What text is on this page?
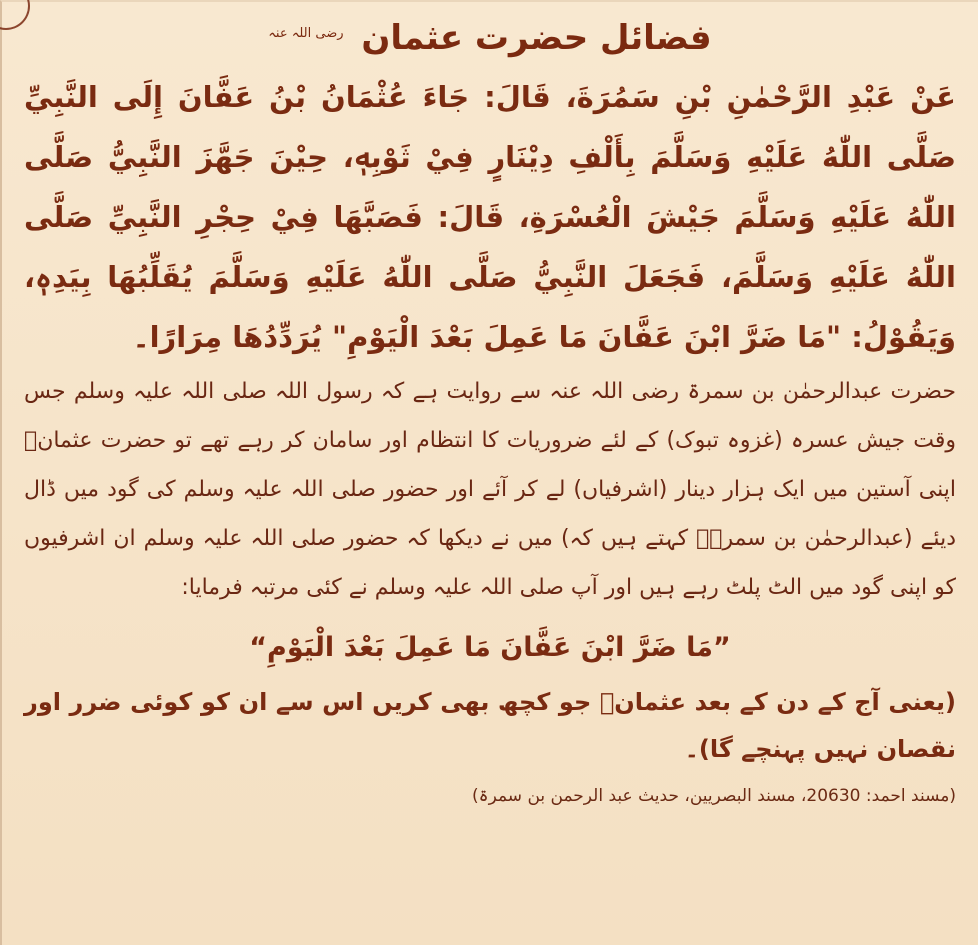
فضائل حضرت عثمان $^{رضی اللہ عنہ}$

عَنْ عَبْدِ الرَّحْمٰنِ بْنِ سَمُرَةَ، قَالَ: جَاءَ عُثْمَانُ بْنُ عَفَّانَ إِلَى النَّبِيِّ صَلَّى اللّٰهُ عَلَيْهِ وَسَلَّمَ بِأَلْفِ دِيْنَارٍ فِيْ ثَوْبِهٖ، حِيْنَ جَهَّزَ النَّبِيُّ صَلَّى اللّٰهُ عَلَيْهِ وَسَلَّمَ جَيْشَ الْعُسْرَةِ، قَالَ: فَصَبَّهَا فِيْ حِجْرِ النَّبِيِّ صَلَّى اللّٰهُ عَلَيْهِ وَسَلَّمَ، فَجَعَلَ النَّبِيُّ صَلَّى اللّٰهُ عَلَيْهِ وَسَلَّمَ يُقَلِّبُهَا بِيَدِهٖ، وَيَقُوْلُ: "مَا ضَرَّ ابْنَ عَفَّانَ مَا عَمِلَ بَعْدَ الْيَوْمِ" يُرَدِّدُهَا مِرَارًا۔

حضرت عبدالرحمٰن بن سمرۃ رضی اللہ عنہ سے روایت ہے کہ رسول اللہ صلی اللہ علیہ وسلم جس وقت جیش عسرہ (غزوہ تبوک) کے لئے ضروریات کا انتظام اور سامان کر رہے تھے تو حضرت عثمانؓ اپنی آستین میں ایک ہزار دینار (اشرفیاں) لے کر آئے اور حضور صلی اللہ علیہ وسلم کی گود میں ڈال دیئے (عبدالرحمٰن بن سمرۃؓ کہتے ہیں کہ) میں نے دیکھا کہ حضور صلی اللہ علیہ وسلم ان اشرفیوں کو اپنی گود میں الٹ پلٹ رہے ہیں اور آپ صلی اللہ علیہ وسلم نے کئی مرتبہ فرمایا:

”مَا ضَرَّ ابْنَ عَفَّانَ مَا عَمِلَ بَعْدَ الْيَوْمِ“

(یعنی آج کے دن کے بعد عثمانؓ جو کچھ بھی کریں اس سے ان کو کوئی ضرر اور نقصان نہیں پہنچے گا)۔

(مسند احمد: 20630، مسند البصریین، حدیث عبد الرحمن بن سمرۃ)
